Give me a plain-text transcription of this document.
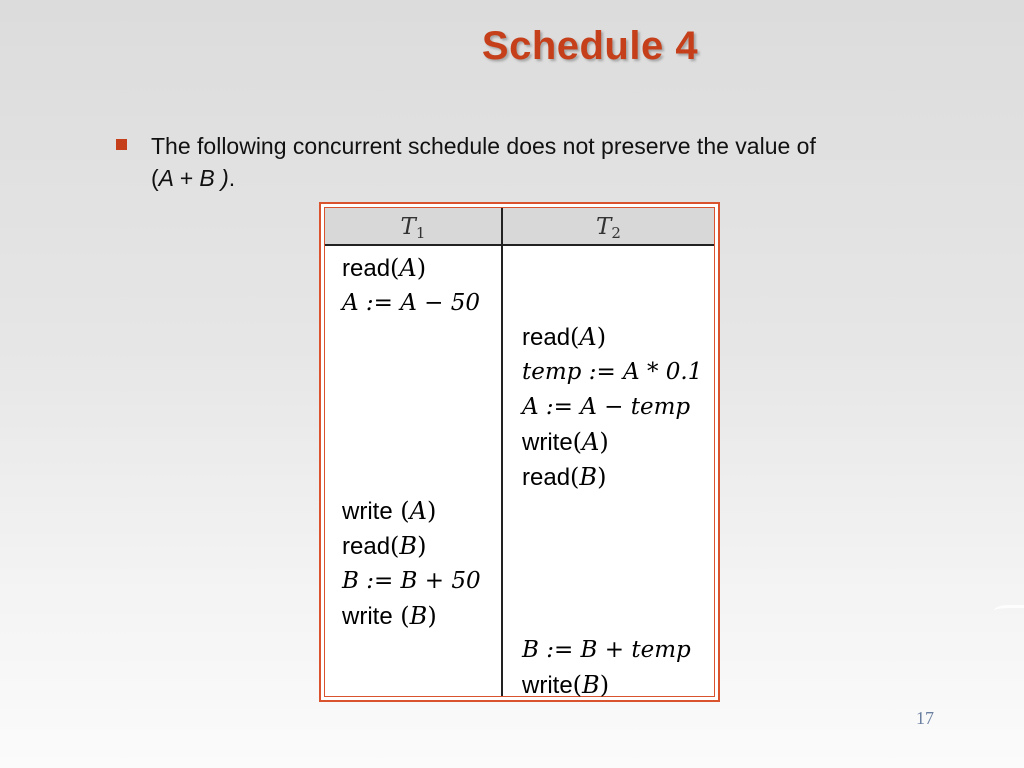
Schedule 4
The following concurrent schedule does not preserve the value of (A + B ).
$T_1$	$T_2$
read(A)
A := A − 50
read(A)
temp := A * 0.1
A := A − temp
write(A)
read(B)
write (A)
read(B)
B := B + 50
write (B)
B := B + temp
write(B)
17
